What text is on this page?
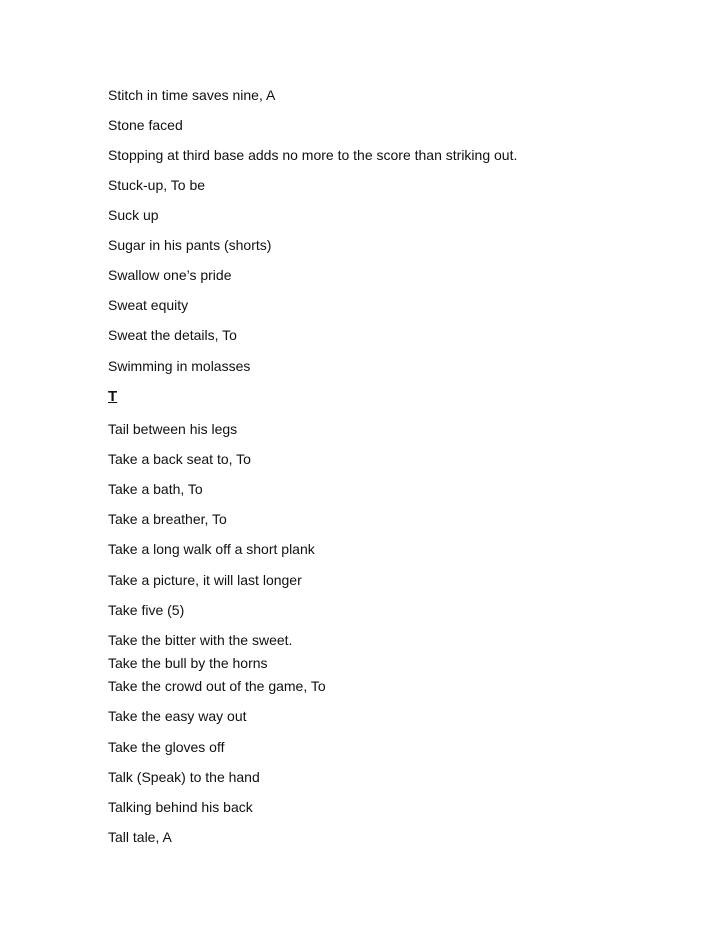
Stitch in time saves nine, A
Stone faced
Stopping at third base adds no more to the score than striking out.
Stuck-up, To be
Suck up
Sugar in his pants (shorts)
Swallow one’s pride
Sweat equity
Sweat the details, To
Swimming in molasses
T
Tail between his legs
Take a back seat to, To
Take a bath, To
Take a breather, To
Take a long walk off a short plank
Take a picture, it will last longer
Take five (5)
Take the bitter with the sweet.
Take the bull by the horns
Take the crowd out of the game, To
Take the easy way out
Take the gloves off
Talk (Speak) to the hand
Talking behind his back
Tall tale, A
